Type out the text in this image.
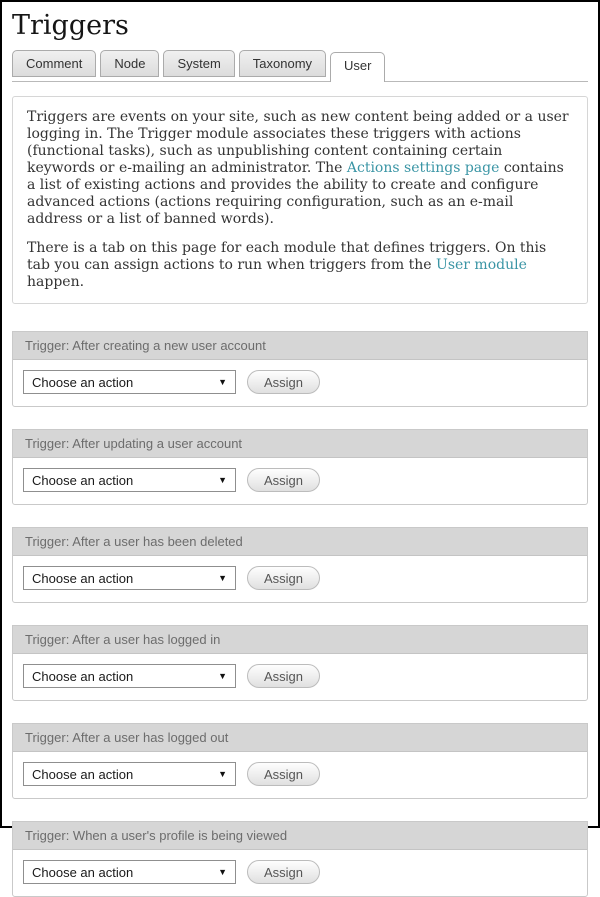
Triggers
Comment	Node	System	Taxonomy	User

Triggers are events on your site, such as new content being added or a user logging in. The Trigger module associates these triggers with actions (functional tasks), such as unpublishing content containing certain keywords or e-mailing an administrator. The Actions settings page contains a list of existing actions and provides the ability to create and configure advanced actions (actions requiring configuration, such as an e-mail address or a list of banned words).

There is a tab on this page for each module that defines triggers. On this tab you can assign actions to run when triggers from the User module happen.

Trigger: After creating a new user account
Choose an action	▼	Assign
Trigger: After updating a user account
Choose an action	▼	Assign
Trigger: After a user has been deleted
Choose an action	▼	Assign
Trigger: After a user has logged in
Choose an action	▼	Assign
Trigger: After a user has logged out
Choose an action	▼	Assign
Trigger: When a user's profile is being viewed
Choose an action	▼	Assign
